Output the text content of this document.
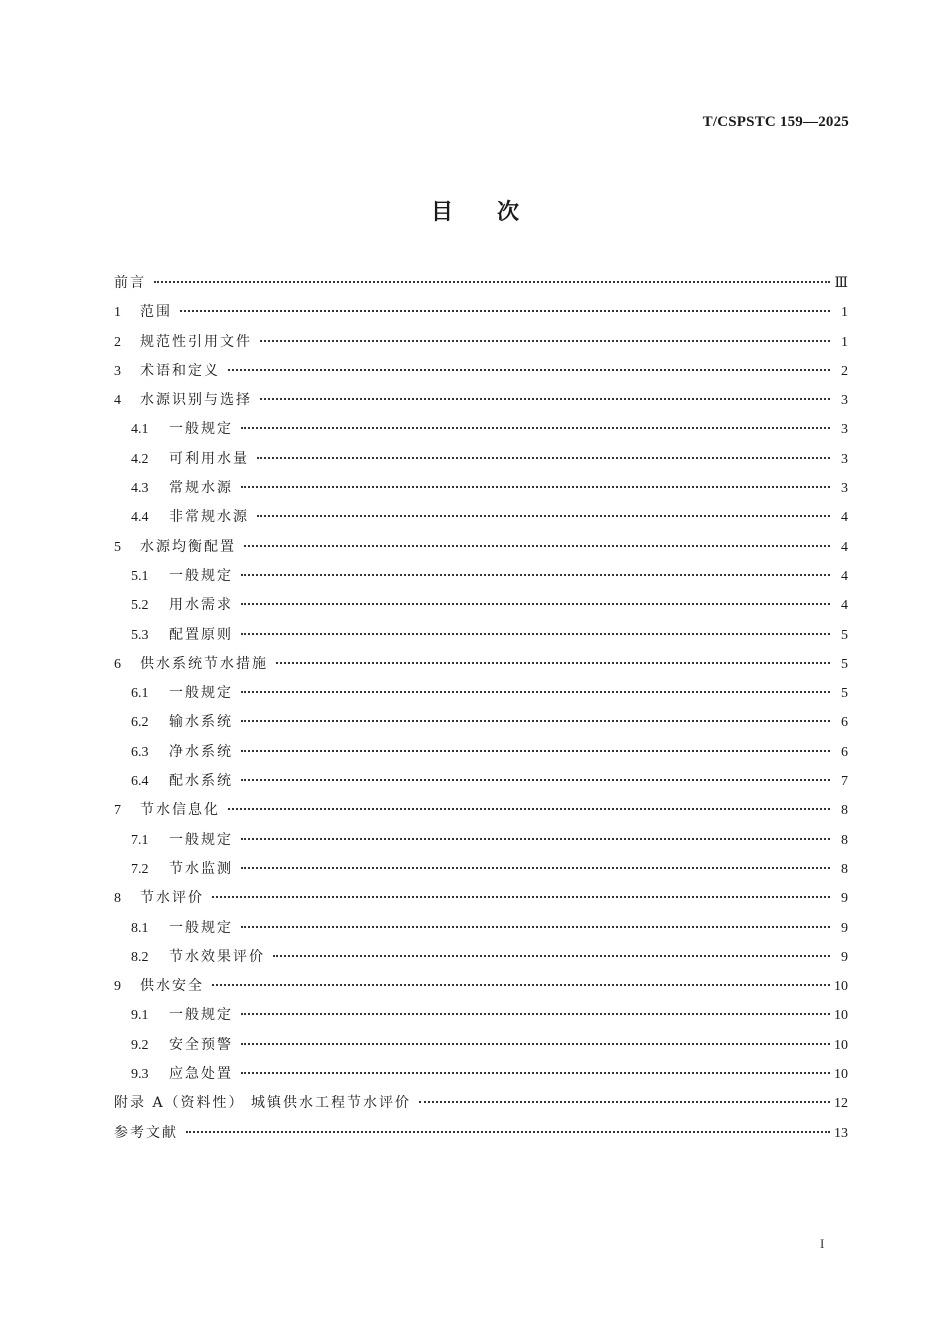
T/CSPSTC 159—2025
目次
前言	Ⅲ
1	范围	1
2	规范性引用文件	1
3	术语和定义	2
4	水源识别与选择	3
4.1	一般规定	3
4.2	可利用水量	3
4.3	常规水源	3
4.4	非常规水源	4
5	水源均衡配置	4
5.1	一般规定	4
5.2	用水需求	4
5.3	配置原则	5
6	供水系统节水措施	5
6.1	一般规定	5
6.2	输水系统	6
6.3	净水系统	6
6.4	配水系统	7
7	节水信息化	8
7.1	一般规定	8
7.2	节水监测	8
8	节水评价	9
8.1	一般规定	9
8.2	节水效果评价	9
9	供水安全	10
9.1	一般规定	10
9.2	安全预警	10
9.3	应急处置	10
附录 A（资料性） 城镇供水工程节水评价	12
参考文献	13
I
